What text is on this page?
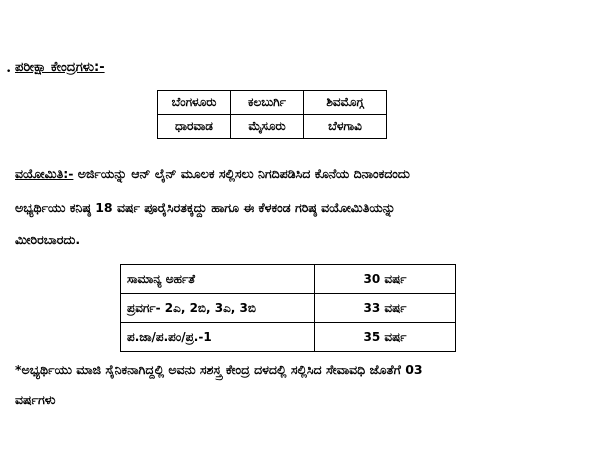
• ಪರೀಕ್ಷಾ ಕೇಂದ್ರಗಳು:-
ಬೆಂಗಳೂರು	ಕಲಬುರ್ಗಿ	ಶಿವಮೊಗ್ಗ
ಧಾರವಾಡ	ಮೈಸೂರು	ಬೆಳಗಾವಿ
ವಯೋಮಿತಿ:- ಅರ್ಜಿಯನ್ನು ಆನ್ ಲೈನ್ ಮೂಲಕ ಸಲ್ಲಿಸಲು ನಿಗದಿಪಡಿಸಿದ ಕೊನೆಯ ದಿನಾಂಕದಂದು
ಅಭ್ಯರ್ಥಿಯು ಕನಿಷ್ಠ 18 ವರ್ಷ ಪೂರೈಸಿರತಕ್ಕದ್ದು ಹಾಗೂ ಈ ಕೆಳಕಂಡ ಗರಿಷ್ಠ ವಯೋಮಿತಿಯನ್ನು
ಮೀರಿರಬಾರದು.
ಸಾಮಾನ್ಯ ಅರ್ಹತೆ	30 ವರ್ಷ
ಪ್ರವರ್ಗ- 2ಎ, 2ಬಿ, 3ಎ, 3ಬಿ	33 ವರ್ಷ
ಪ.ಜಾ/ಪ.ಪಂ/ಪ್ರ.-1	35 ವರ್ಷ
*ಅಭ್ಯರ್ಥಿಯು ಮಾಜಿ ಸೈನಿಕನಾಗಿದ್ದಲ್ಲಿ ಅವನು ಸಶಸ್ತ್ರ ಕೇಂದ್ರ ದಳದಲ್ಲಿ ಸಲ್ಲಿಸಿದ ಸೇವಾವಧಿ ಜೊತೆಗೆ 03
ವರ್ಷಗಳು
